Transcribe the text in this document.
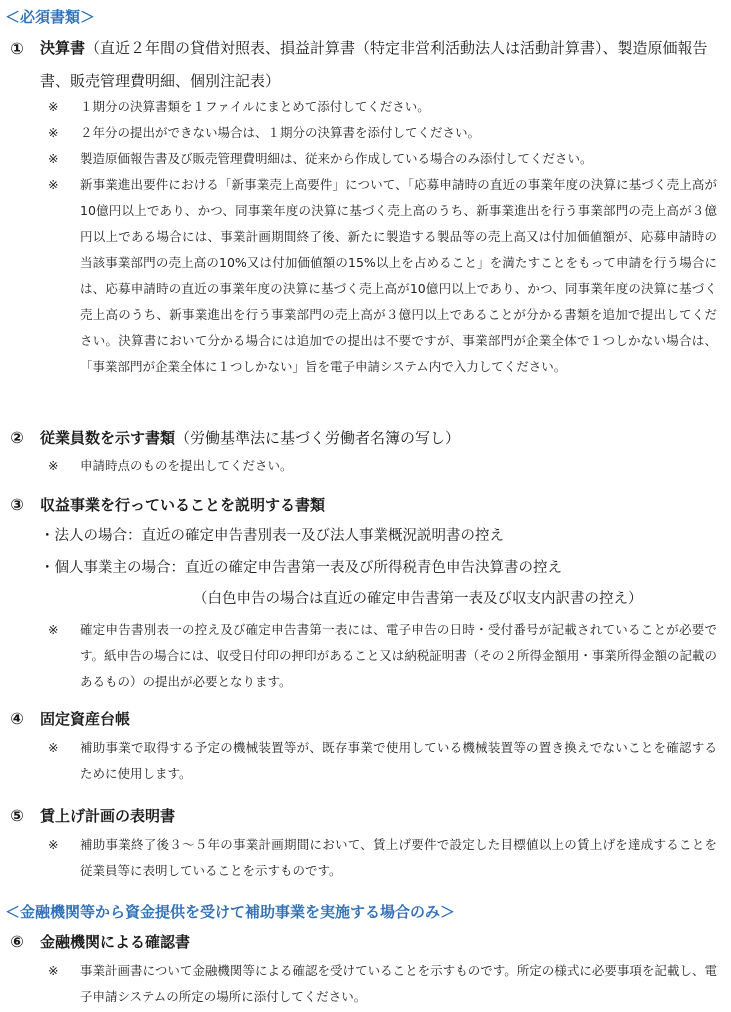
＜必須書類＞
①	決算書（直近２年間の貸借対照表、損益計算書（特定非営利活動法人は活動計算書）、製造原価報告書、販売管理費明細、個別注記表）
※ １期分の決算書類を１ファイルにまとめて添付してください。
※ ２年分の提出ができない場合は、１期分の決算書を添付してください。
※ 製造原価報告書及び販売管理費明細は、従来から作成している場合のみ添付してください。
※ 新事業進出要件における「新事業売上高要件」について、「応募申請時の直近の事業年度の決算に基づく売上高が10億円以上であり、かつ、同事業年度の決算に基づく売上高のうち、新事業進出を行う事業部門の売上高が３億円以上である場合には、事業計画期間終了後、新たに製造する製品等の売上高又は付加価値額が、応募申請時の当該事業部門の売上高の10%又は付加価値額の15%以上を占めること」を満たすことをもって申請を行う場合には、応募申請時の直近の事業年度の決算に基づく売上高が10億円以上であり、かつ、同事業年度の決算に基づく売上高のうち、新事業進出を行う事業部門の売上高が３億円以上であることが分かる書類を追加で提出してください。決算書において分かる場合には追加での提出は不要ですが、事業部門が企業全体で１つしかない場合は、「事業部門が企業全体に１つしかない」旨を電子申請システム内で入力してください。
②	従業員数を示す書類（労働基準法に基づく労働者名簿の写し）
※ 申請時点のものを提出してください。
③	収益事業を行っていることを説明する書類
・法人の場合：直近の確定申告書別表一及び法人事業概況説明書の控え
・個人事業主の場合：直近の確定申告書第一表及び所得税青色申告決算書の控え
（白色申告の場合は直近の確定申告書第一表及び収支内訳書の控え）
※ 確定申告書別表一の控え及び確定申告書第一表には、電子申告の日時・受付番号が記載されていることが必要です。紙申告の場合には、収受日付印の押印があること又は納税証明書（その２所得金額用・事業所得金額の記載のあるもの）の提出が必要となります。
④	固定資産台帳
※ 補助事業で取得する予定の機械装置等が、既存事業で使用している機械装置等の置き換えでないことを確認するために使用します。
⑤	賃上げ計画の表明書
※ 補助事業終了後３～５年の事業計画期間において、賃上げ要件で設定した目標値以上の賃上げを達成することを従業員等に表明していることを示すものです。
＜金融機関等から資金提供を受けて補助事業を実施する場合のみ＞
⑥	金融機関による確認書
※ 事業計画書について金融機関等による確認を受けていることを示すものです。所定の様式に必要事項を記載し、電子申請システムの所定の場所に添付してください。
